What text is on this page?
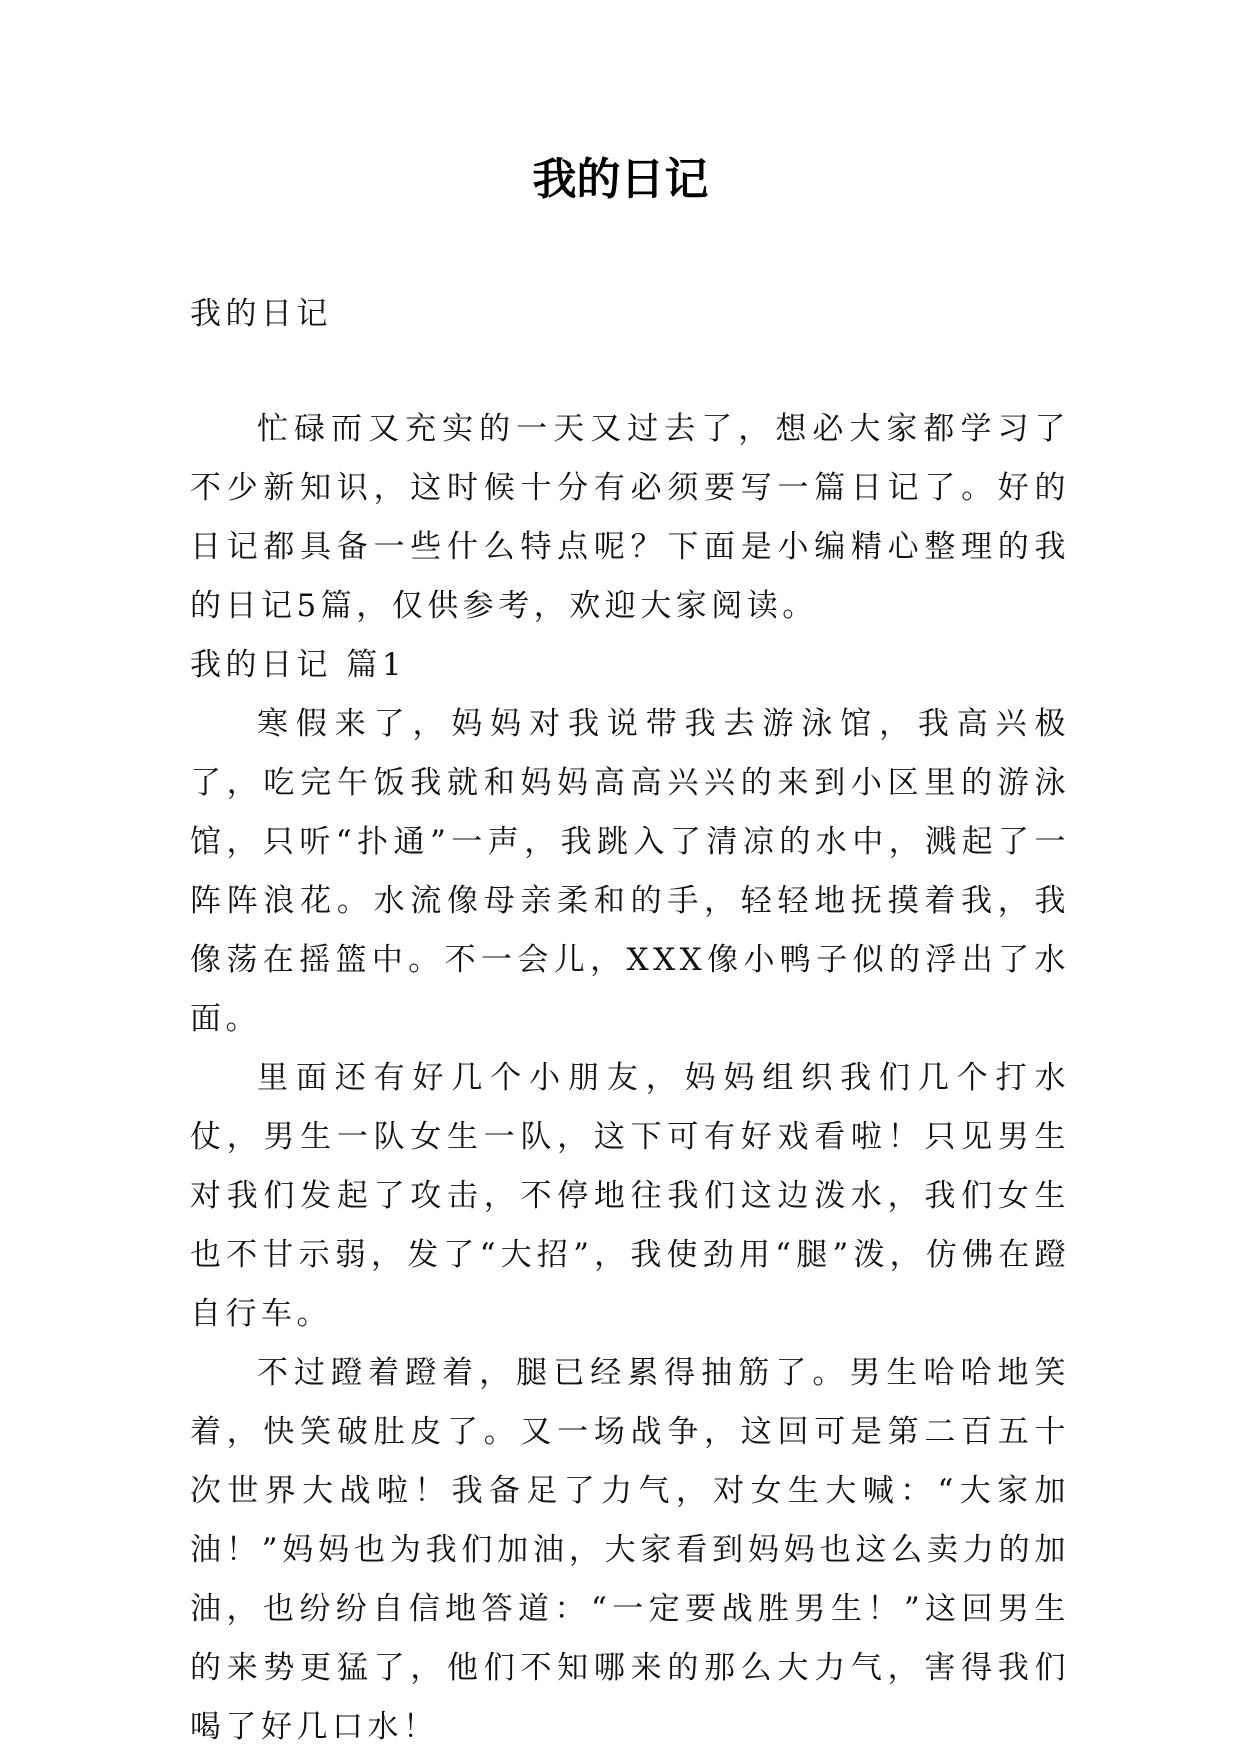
我的日记

我的日记

忙碌而又充实的一天又过去了，想必大家都学习了不少新知识，这时候十分有必须要写一篇日记了。好的日记都具备一些什么特点呢？下面是小编精心整理的我的日记5篇，仅供参考，欢迎大家阅读。

我的日记 篇1

寒假来了，妈妈对我说带我去游泳馆，我高兴极了，吃完午饭我就和妈妈高高兴兴的来到小区里的游泳馆，只听“扑通”一声，我跳入了清凉的水中，溅起了一阵阵浪花。水流像母亲柔和的手，轻轻地抚摸着我，我像荡在摇篮中。不一会儿，XXX像小鸭子似的浮出了水面。

里面还有好几个小朋友，妈妈组织我们几个打水仗，男生一队女生一队，这下可有好戏看啦！只见男生对我们发起了攻击，不停地往我们这边泼水，我们女生也不甘示弱，发了“大招”，我使劲用“腿”泼，仿佛在蹬自行车。

不过蹬着蹬着，腿已经累得抽筋了。男生哈哈地笑着，快笑破肚皮了。又一场战争，这回可是第二百五十次世界大战啦！我备足了力气，对女生大喊：“大家加油！”妈妈也为我们加油，大家看到妈妈也这么卖力的加油，也纷纷自信地答道：“一定要战胜男生！”这回男生的来势更猛了，他们不知哪来的那么大力气，害得我们喝了好几口水！
